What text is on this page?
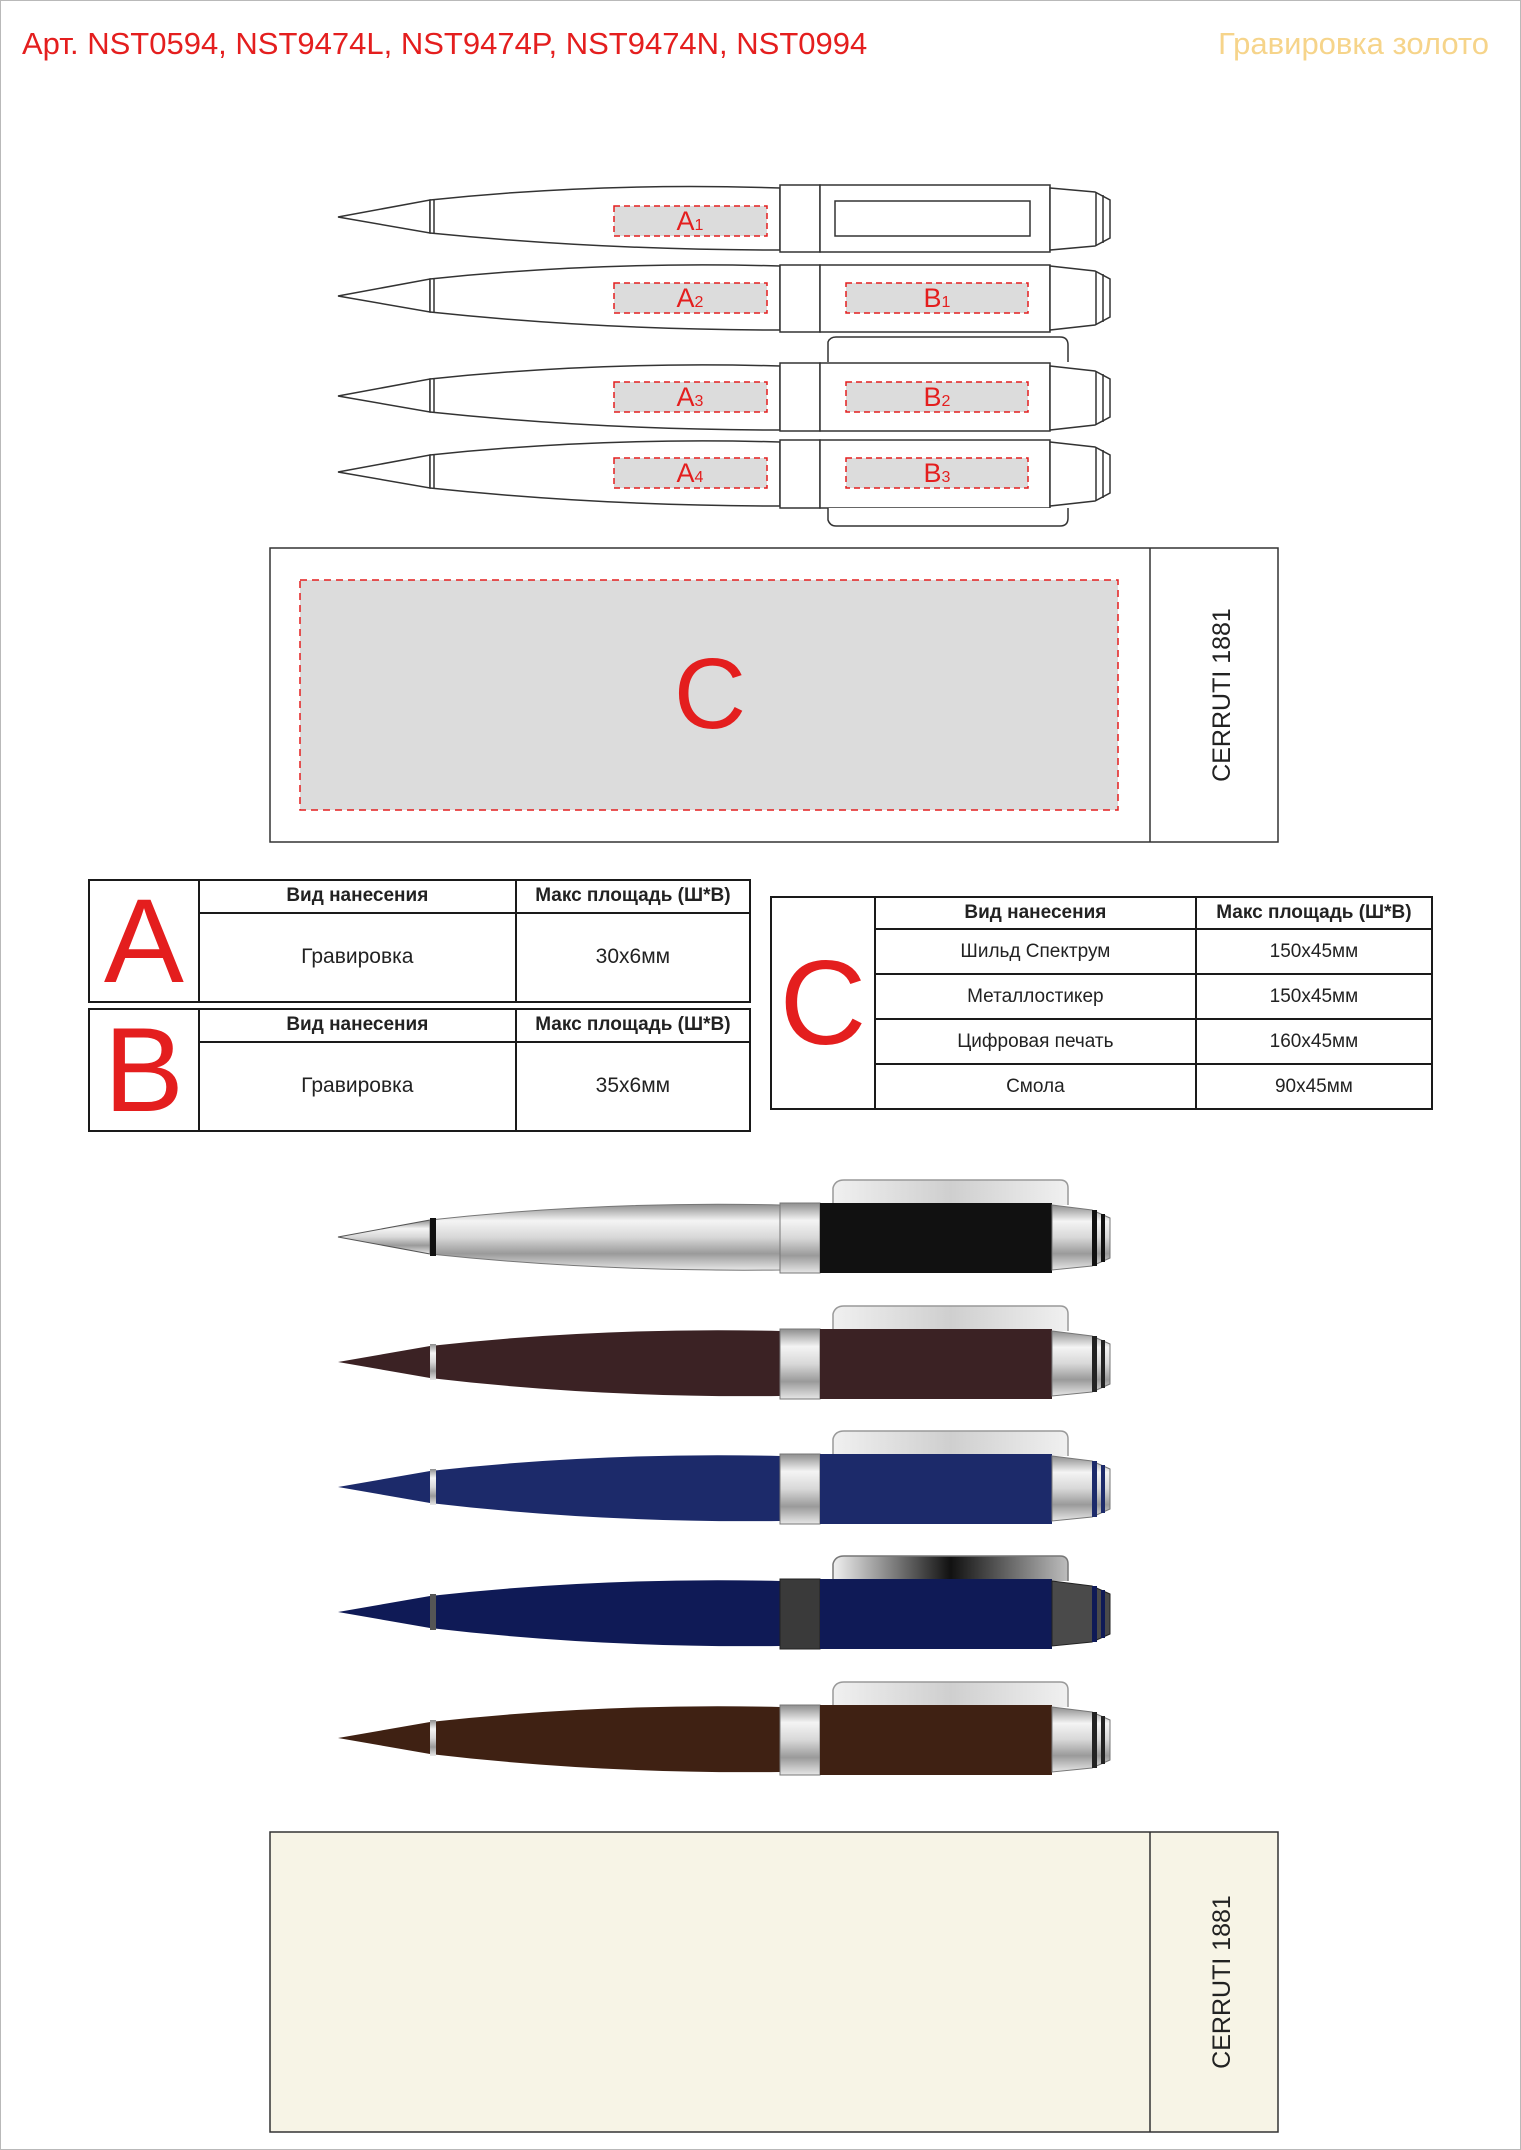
Арт. NST0594, NST9474L, NST9474P, NST9474N, NST0994	Гравировка золото
A1
A2	B1
A3	B2
A4	B3
C	CERRUTI 1881
CERRUTI 1881
A	Вид нанесения	Макс площадь (Ш*В)
	Гравировка	30х6мм
B	Вид нанесения	Макс площадь (Ш*В)
	Гравировка	35х6мм
C	Вид нанесения	Макс площадь (Ш*В)
	Шильд Спектрум	150х45мм
	Металлостикер	150х45мм
	Цифровая печать	160х45мм
	Смола	90х45мм
